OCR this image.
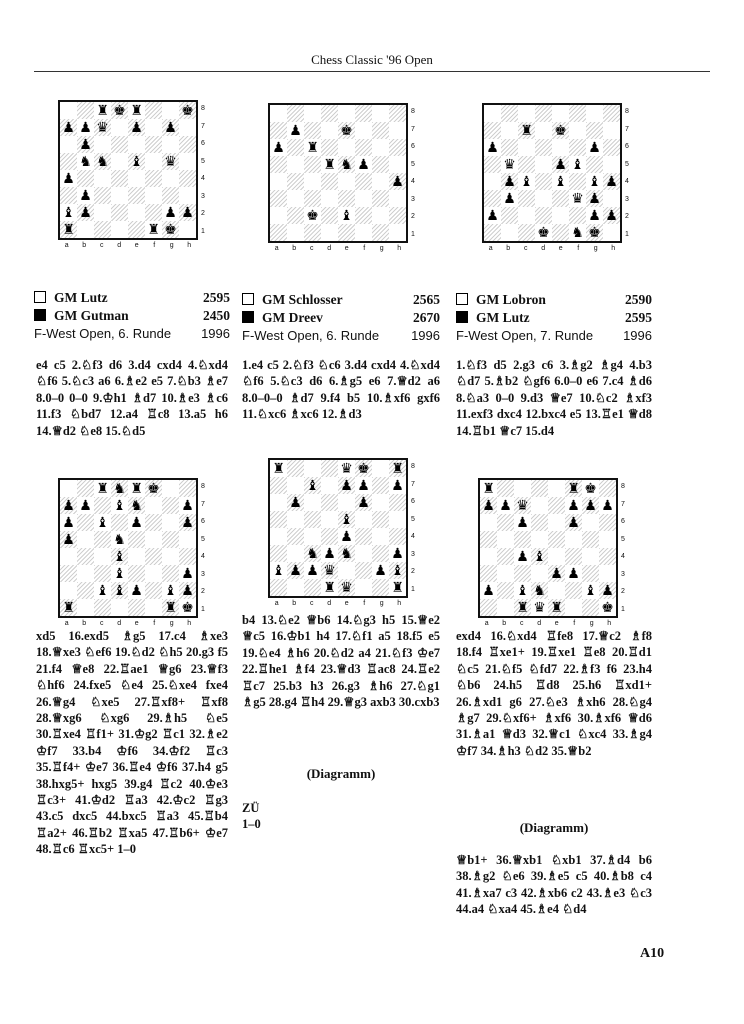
Chess Classic '96 Open
♜ ♚ ♜	♚
♟ ♟ ♛ ♟ ♟
♟
♞ ♞ ♝ ♛
♟
♟
♝ ♟	♟ ♟
♜	♜ ♚
8
7
6
5
4
3
2
1
a	b	c	d	e	f	g	h
♟	♚
♟ ♜
♜ ♞ ♟
♟
♚ ♝
8
7
6
5
4
3
2
1
a	b	c	d	e	f	g	h
♜ ♚
♟	♟
♛	♟ ♝
♟ ♝ ♝ ♝ ♟
♟	♛ ♟
♟	♟ ♟
♚ ♞ ♚
8
7
6
5
4
3
2
1
a	b	c	d	e	f	g	h
GM Lutz	2595
GM Gutman	2450
F-West Open, 6. Runde 1996
GM Schlosser	2565
GM Dreev	2670
F-West Open, 6. Runde 1996
GM Lobron	2590
GM Lutz	2595
F-West Open, 7. Runde 1996

e4 c5 2.♘f3 d6 3.d4 cxd4 4.♘xd4 ♘f6 5.♘c3 a6 6.♗e2 e5 7.♘b3 ♗e7 8.0–0 0–0 9.♔h1 ♗d7 10.♗e3 ♗c6 11.f3 ♘bd7 12.a4 ♖c8 13.a5 h6 14.♕d2 ♘e8 15.♘d5

1.e4 c5 2.♘f3 ♘c6 3.d4 cxd4 4.♘xd4 ♘f6 5.♘c3 d6 6.♗g5 e6 7.♕d2 a6 8.0–0–0 ♗d7 9.f4 b5 10.♗xf6 gxf6 11.♘xc6 ♗xc6 12.♗d3

1.♘f3 d5 2.g3 c6 3.♗g2 ♗g4 4.b3 ♘d7 5.♗b2 ♘gf6 6.0–0 e6 7.c4 ♗d6 8.♘a3 0–0 9.d3 ♕e7 10.♘c2 ♗xf3 11.exf3 dxc4 12.bxc4 e5 13.♖e1 ♕d8 14.♖b1 ♕c7 15.d4

♜ ♞ ♜ ♚
♟ ♟ ♝ ♞	♟
♟ ♝ ♟	♟
♟	♞
♝
♝	♟
♝ ♝ ♟ ♝ ♟
♜	♜ ♚
8
7
6
5
4
3
2
1
a	b	c	d	e	f	g	h
♜	♛ ♚ ♜
♝ ♟ ♟ ♟
♟	♟
♝
♟
♞ ♟ ♞	♟
♝ ♟ ♟ ♛	♟ ♝
♜ ♛	♜
8
7
6
5
4
3
2
1
a	b	c	d	e	f	g	h
♜	♜ ♚
♟ ♟ ♛	♟ ♟ ♟
♟	♟
♟ ♝
♟ ♟
♟ ♝ ♞	♝ ♟
♜ ♛ ♜	♚
8
7
6
5
4
3
2
1
a	b	c	d	e	f	g	h

xd5 16.exd5 ♗g5 17.c4 ♗xe3 18.♕xe3 ♘ef6 19.♘d2 ♘h5 20.g3 f5 21.f4 ♕e8 22.♖ae1 ♕g6 23.♕f3 ♘hf6 24.fxe5 ♘e4 25.♘xe4 fxe4 26.♕g4 ♘xe5 27.♖xf8+ ♖xf8 28.♕xg6 ♘xg6 29.♗h5 ♘e5 30.♖xe4 ♖f1+ 31.♔g2 ♖c1 32.♗e2 ♔f7 33.b4 ♔f6 34.♔f2 ♖c3 35.♖f4+ ♔e7 36.♖e4 ♔f6 37.h4 g5 38.hxg5+ hxg5 39.g4 ♖c2 40.♔e3 ♖c3+ 41.♔d2 ♖a3 42.♔c2 ♖g3 43.c5 dxc5 44.bxc5 ♖a3 45.♖b4 ♖a2+ 46.♖b2 ♖xa5 47.♖b6+ ♔e7 48.♖c6 ♖xc5+ 1–0

b4 13.♘e2 ♕b6 14.♘g3 h5 15.♕e2 ♕c5 16.♔b1 h4 17.♘f1 a5 18.f5 e5 19.♘e4 ♗h6 20.♘d2 a4 21.♘f3 ♔e7 22.♖he1 ♗f4 23.♕d3 ♖ac8 24.♖e2 ♖c7 25.b3 h3 26.g3 ♗h6 27.♘g1 ♗g5 28.g4 ♖h4 29.♕g3 axb3 30.cxb3

(Diagramm)

ZÜ
1–0

exd4 16.♘xd4 ♖fe8 17.♕c2 ♗f8 18.f4 ♖xe1+ 19.♖xe1 ♖e8 20.♖d1 ♘c5 21.♘f5 ♘fd7 22.♗f3 f6 23.h4 ♘b6 24.h5 ♖d8 25.h6 ♖xd1+ 26.♗xd1 g6 27.♘e3 ♗xh6 28.♘g4 ♗g7 29.♘xf6+ ♗xf6 30.♗xf6 ♕d6 31.♗a1 ♕d3 32.♕c1 ♘xc4 33.♗g4 ♔f7 34.♗h3 ♘d2 35.♕b2

(Diagramm)

♕b1+ 36.♕xb1 ♘xb1 37.♗d4 b6 38.♗g2 ♘e6 39.♗e5 c5 40.♗b8 c4 41.♗xa7 c3 42.♗xb6 c2 43.♗e3 ♘c3 44.a4 ♘xa4 45.♗e4 ♘d4

A10
